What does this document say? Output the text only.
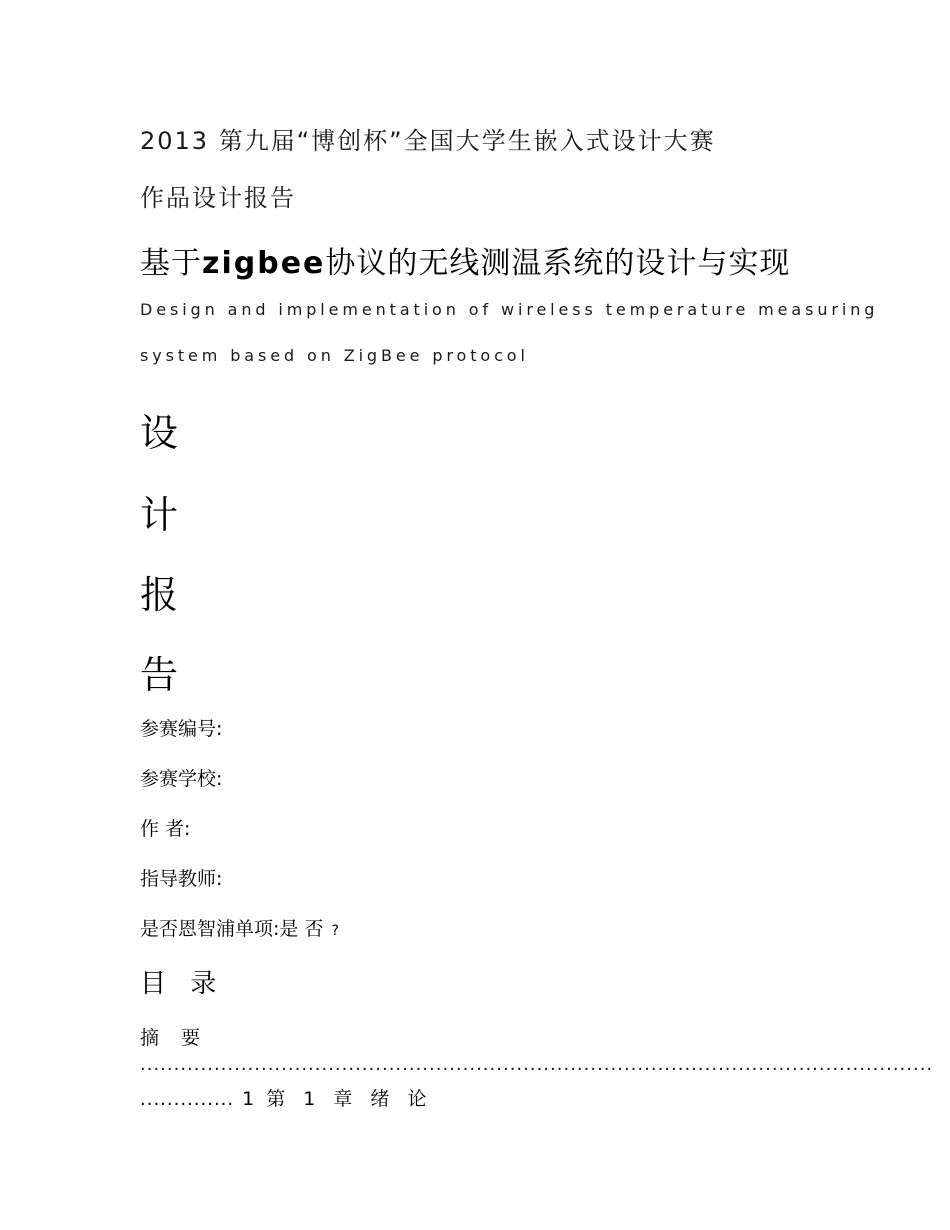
2013 第九届“博创杯”全国大学生嵌入式设计大赛
作品设计报告
基于zigbee协议的无线测温系统的设计与实现
Design and implementation of wireless temperature measuring
system based on ZigBee protocol
设
计
报
告
参赛编号:
参赛学校:
作 者:
指导教师:
是否恩智浦单项:是 否 ?
目 录
摘 要
......................................................................................................................
.............. 1 第 1 章 绪 论
